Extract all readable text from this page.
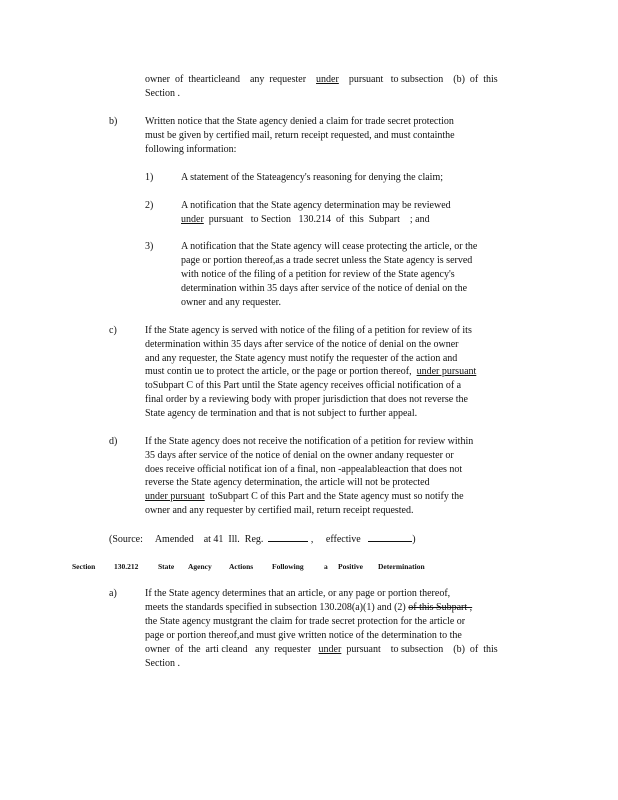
owner  of  thearticleand    any  requester    under    pursuant   to subsection    (b)  of  this
Section .
b)	Written notice that the State agency denied a claim for trade secret protection
must be given by certified mail, return receipt requested, and must containthe
following information:
1)	A statement of the Stateagency's reasoning for denying the claim;
2)	A notification that the State agency determination may be reviewed
under  pursuant   to Section   130.214  of  this  Subpart    ; and
3)	A notification that the State agency will cease protecting the article, or the
page or portion thereof,as a trade secret unless the State agency is served
with notice of the filing of a petition for review of the State agency's
determination within 35 days after service of the notice of denial on the
owner and any requester.
c)	If the State agency is served with notice of the filing of a petition for review of its
determination within 35 days after service of the notice of denial on the owner
and any requester, the State agency must notify the requester of the action and
must contin ue to protect the article, or the page or portion thereof, under pursuant
toSubpart C of this Part until the State agency receives official notification of a
final order by a reviewing body with proper jurisdiction that does not reverse the
State agency de termination and that is not subject to further appeal.
d)	If the State agency does not receive the notification of a petition for review within
35 days after service of the notice of denial on the owner andany requester or
does receive official notificat ion of a final, non -appealableaction that does not
reverse the State agency determination, the article will not be protected
under pursuant toSubpart C of this Part and the State agency must so notify the
owner and any requester by certified mail, return receipt requested.
(Source:     Amended    at 41  Ill.  Reg.	,     effective	)
Section 130.212	State Agency Actions	Following	a Positive Determination
a)	If the State agency determines that an article, or any page or portion thereof,
meets the standards specified in subsection 130.208(a)(1) and (2) of this Subpart ,
the State agency mustgrant the claim for trade secret protection for the article or
page or portion thereof,and must give written notice of the determination to the
owner  of  the  arti cleand   any  requester   under  pursuant    to subsection    (b)  of  this
Section .
